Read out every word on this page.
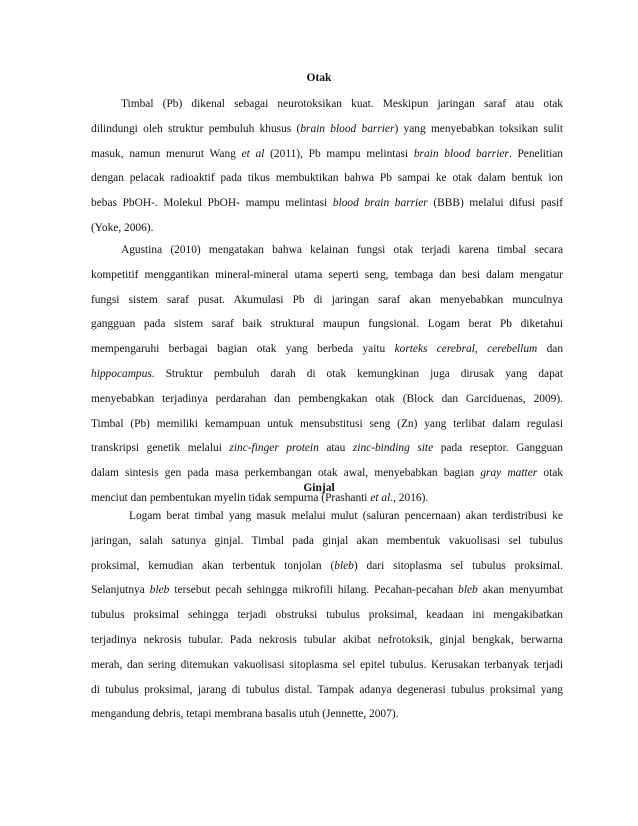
Otak
Timbal (Pb) dikenal sebagai neurotoksikan kuat. Meskipun jaringan saraf atau otak
dilindungi oleh struktur pembuluh khusus (brain blood barrier) yang menyebabkan toksikan sulit
masuk, namun menurut Wang et al (2011), Pb mampu melintasi brain blood barrier. Penelitian
dengan pelacak radioaktif pada tikus membuktikan bahwa Pb sampai ke otak dalam bentuk ion
bebas PbOH-. Molekul PbOH- mampu melintasi blood brain barrier (BBB) melalui difusi pasif
(Yoke, 2006).
Agustina (2010) mengatakan bahwa kelainan fungsi otak terjadi karena timbal secara
kompetitif menggantikan mineral-mineral utama seperti seng, tembaga dan besi dalam mengatur
fungsi sistem saraf pusat. Akumulasi Pb di jaringan saraf akan menyebabkan munculnya
gangguan pada sistem saraf baik struktural maupun fungsional. Logam berat Pb diketahui
mempengaruhi berbagai bagian otak yang berbeda yaitu korteks cerebral, cerebellum dan
hippocampus. Struktur pembuluh darah di otak kemungkinan juga dirusak yang dapat
menyebabkan terjadinya perdarahan dan pembengkakan otak (Block dan Garciduenas, 2009).
Timbal (Pb) memiliki kemampuan untuk mensubstitusi seng (Zn) yang terlibat dalam regulasi
transkripsi genetik melalui zinc-finger protein atau zinc-binding site pada reseptor. Gangguan
dalam sintesis gen pada masa perkembangan otak awal, menyebabkan bagian gray matter otak
menciut dan pembentukan myelin tidak sempurna (Prashanti et al., 2016).
Ginjal
Logam berat timbal yang masuk melalui mulut (saluran pencernaan) akan terdistribusi ke
jaringan, salah satunya ginjal. Timbal pada ginjal akan membentuk vakuolisasi sel tubulus
proksimal, kemudian akan terbentuk tonjolan (bleb) dari sitoplasma sel tubulus proksimal.
Selanjutnya bleb tersebut pecah sehingga mikrofili hilang. Pecahan-pecahan bleb akan menyumbat
tubulus proksimal sehingga terjadi obstruksi tubulus proksimal, keadaan ini mengakibatkan
terjadinya nekrosis tubular. Pada nekrosis tubular akibat nefrotoksik, ginjal bengkak, berwarna
merah, dan sering ditemukan vakuolisasi sitoplasma sel epitel tubulus. Kerusakan terbanyak terjadi
di tubulus proksimal, jarang di tubulus distal. Tampak adanya degenerasi tubulus proksimal yang
mengandung debris, tetapi membrana basalis utuh (Jennette, 2007).
